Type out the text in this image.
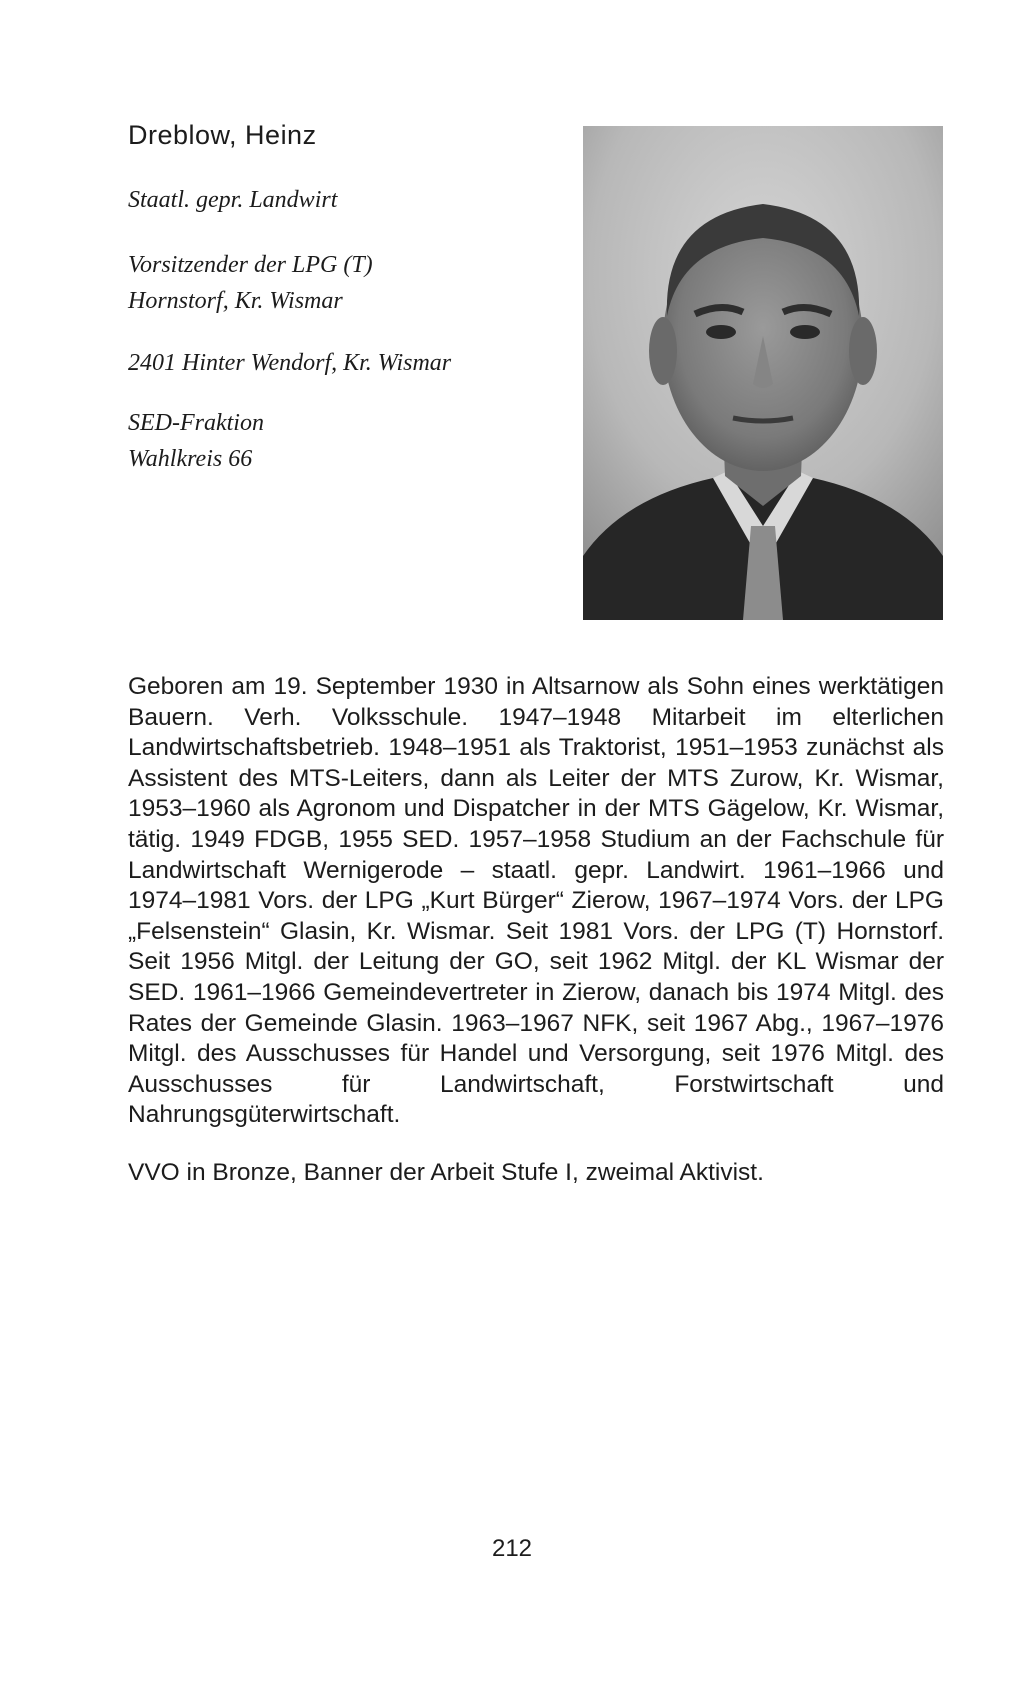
Dreblow, Heinz
Staatl. gepr. Landwirt
Vorsitzender der LPG (T)
Hornstorf, Kr. Wismar
2401 Hinter Wendorf, Kr. Wismar
SED-Fraktion
Wahlkreis 66
Geboren am 19. September 1930 in Altsarnow als Sohn eines werktätigen Bauern. Verh. Volksschule. 1947–1948 Mitarbeit im elterlichen Landwirtschaftsbetrieb. 1948–1951 als Traktorist, 1951–1953 zunächst als Assistent des MTS-Leiters, dann als Leiter der MTS Zurow, Kr. Wismar, 1953–1960 als Agronom und Dispatcher in der MTS Gägelow, Kr. Wismar, tätig. 1949 FDGB, 1955 SED. 1957–1958 Studium an der Fachschule für Landwirtschaft Wernigerode – staatl. gepr. Landwirt. 1961–1966 und 1974–1981 Vors. der LPG „Kurt Bürger“ Zierow, 1967–1974 Vors. der LPG „Felsenstein“ Glasin, Kr. Wismar. Seit 1981 Vors. der LPG (T) Hornstorf. Seit 1956 Mitgl. der Leitung der GO, seit 1962 Mitgl. der KL Wismar der SED. 1961–1966 Gemeindevertreter in Zierow, danach bis 1974 Mitgl. des Rates der Gemeinde Glasin. 1963–1967 NFK, seit 1967 Abg., 1967–1976 Mitgl. des Ausschusses für Handel und Versorgung, seit 1976 Mitgl. des Ausschusses für Landwirtschaft, Forstwirtschaft und Nahrungsgüterwirtschaft.
VVO in Bronze, Banner der Arbeit Stufe I, zweimal Aktivist.
212
